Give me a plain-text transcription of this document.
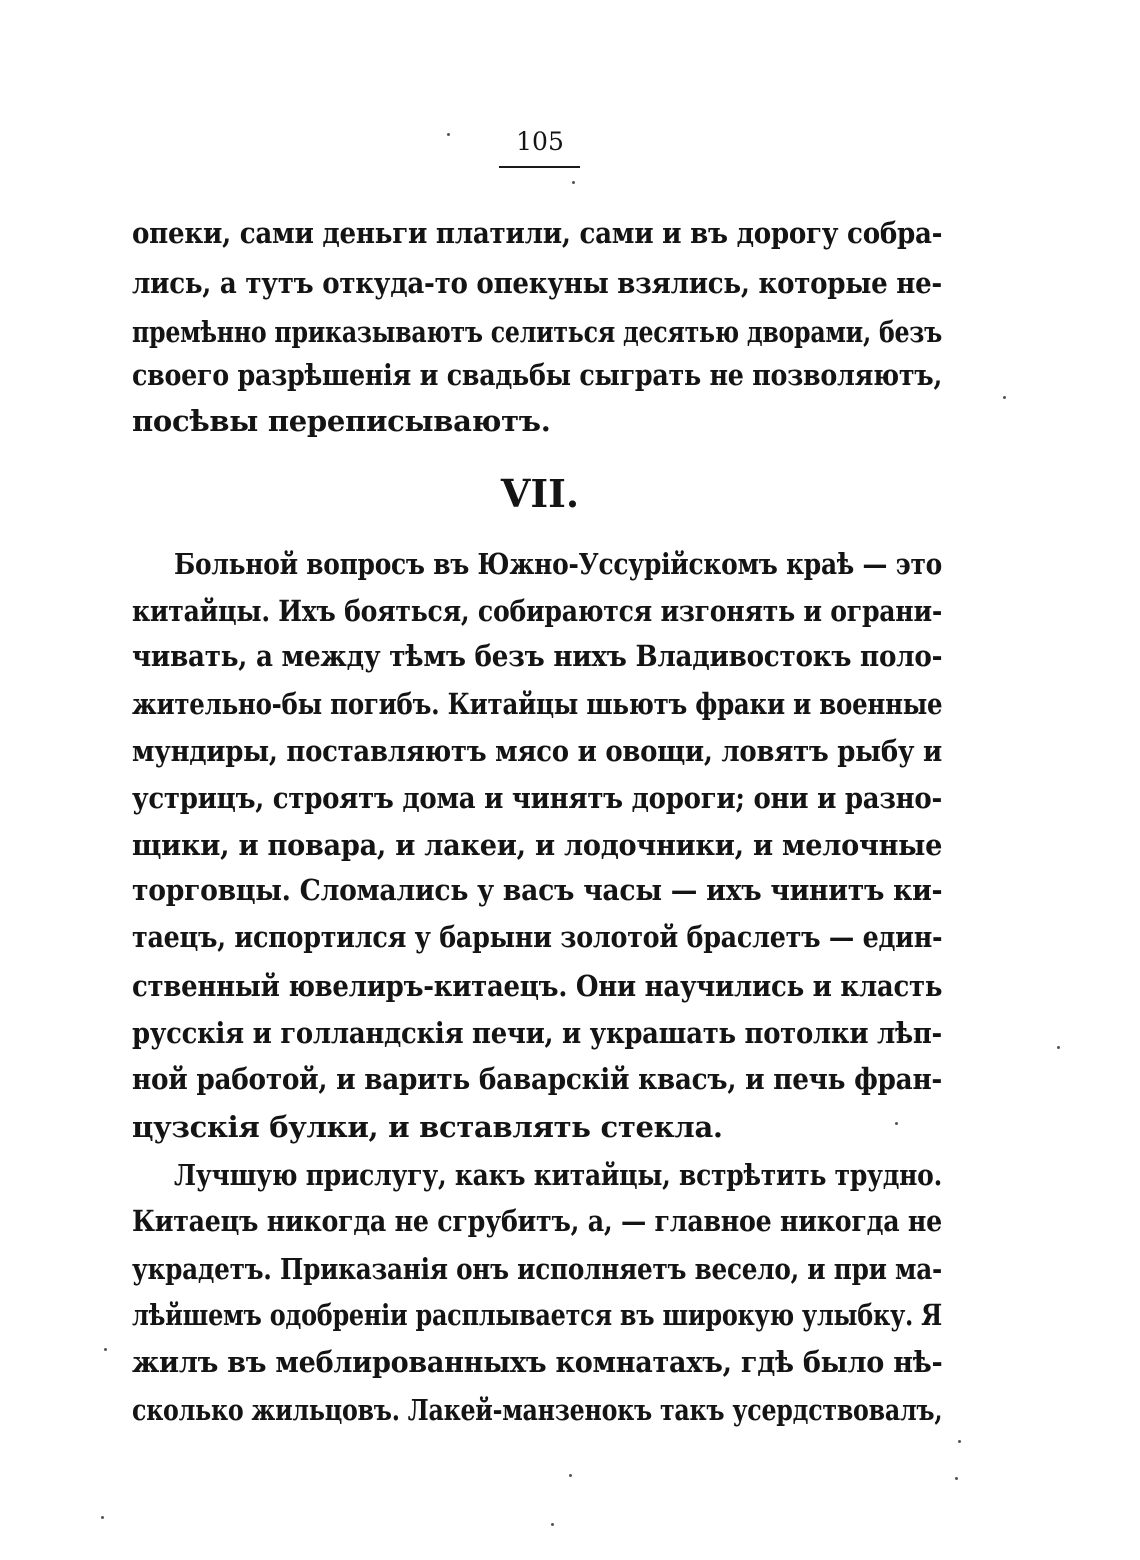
105
опеки, сами деньги платили, сами и въ дорогу собра-
лись, а тутъ откуда-то опекуны взялись, которые не-
премѣнно приказываютъ селиться десятью дворами, безъ
своего разрѣшенія и свадьбы сыграть не позволяютъ,
посѣвы переписываютъ.
VII.
Больной вопросъ въ Южно-Уссурійскомъ краѣ — это
китайцы. Ихъ бояться, собираются изгонять и ограни-
чивать, а между тѣмъ безъ нихъ Владивостокъ поло-
жительно-бы погибъ. Китайцы шьютъ фраки и военные
мундиры, поставляютъ мясо и овощи, ловятъ рыбу и
устрицъ, строятъ дома и чинятъ дороги; они и разно-
щики, и повара, и лакеи, и лодочники, и мелочные
торговцы. Сломались у васъ часы — ихъ чинитъ ки-
таецъ, испортился у барыни золотой браслетъ — един-
ственный ювелиръ-китаецъ. Они научились и класть
русскія и голландскія печи, и украшать потолки лѣп-
ной работой, и варить баварскій квасъ, и печь фран-
цузскія булки, и вставлять стекла.
Лучшую прислугу, какъ китайцы, встрѣтить трудно.
Китаецъ никогда не сгрубитъ, а, — главное никогда не
украдетъ. Приказанія онъ исполняетъ весело, и при ма-
лѣйшемъ одобреніи расплывается въ широкую улыбку. Я
жилъ въ меблированныхъ комнатахъ, гдѣ было нѣ-
сколько жильцовъ. Лакей-манзенокъ такъ усердствовалъ,
